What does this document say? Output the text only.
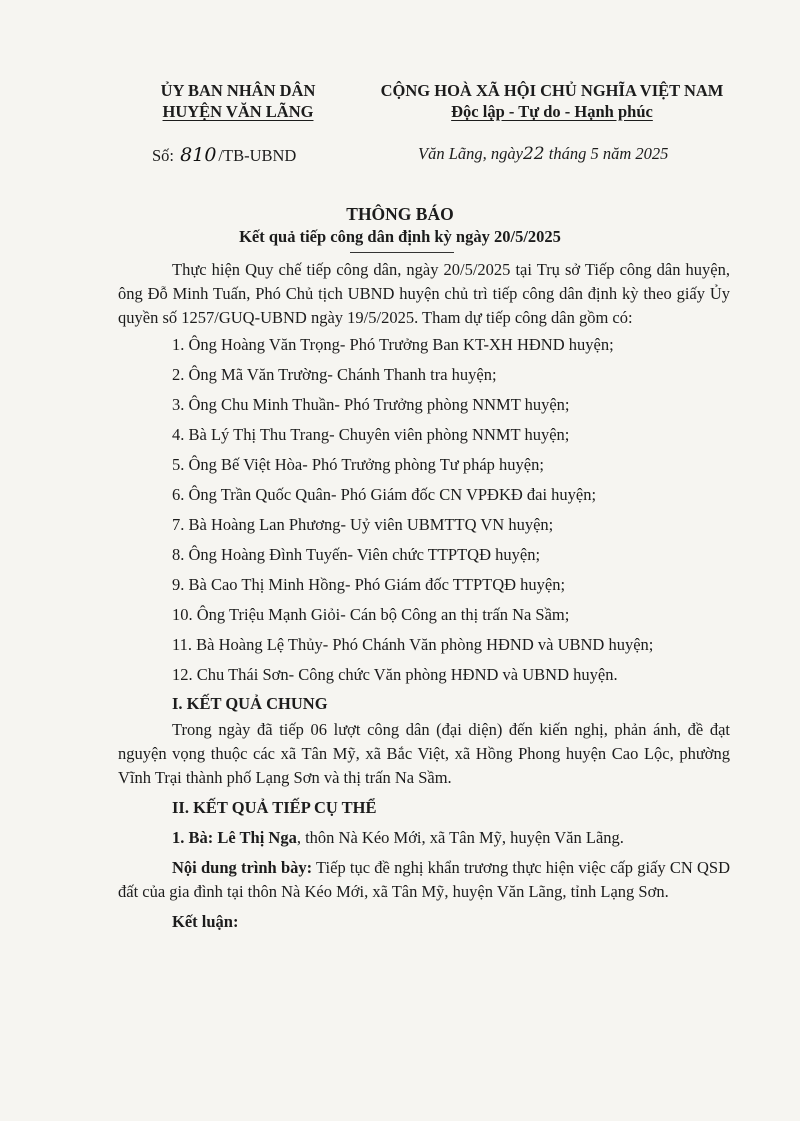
ỦY BAN NHÂN DÂN
HUYỆN VĂN LÃNG
CỘNG HOÀ XÃ HỘI CHỦ NGHĨA VIỆT NAM
Độc lập - Tự do - Hạnh phúc
Số: 810 /TB-UBND	Văn Lãng, ngày22 tháng 5 năm 2025
THÔNG BÁO
Kết quả tiếp công dân định kỳ ngày 20/5/2025

Thực hiện Quy chế tiếp công dân, ngày 20/5/2025 tại Trụ sở Tiếp công dân huyện, ông Đỗ Minh Tuấn, Phó Chủ tịch UBND huyện chủ trì tiếp công dân định kỳ theo giấy Ủy quyền số 1257/GUQ-UBND ngày 19/5/2025. Tham dự tiếp công dân gồm có:

1. Ông Hoàng Văn Trọng- Phó Trưởng Ban KT-XH HĐND huyện;

2. Ông Mã Văn Trường- Chánh Thanh tra huyện;

3. Ông Chu Minh Thuần- Phó Trưởng phòng NNMT huyện;

4. Bà Lý Thị Thu Trang- Chuyên viên phòng NNMT huyện;

5. Ông Bế Việt Hòa- Phó Trưởng phòng Tư pháp huyện;

6. Ông Trần Quốc Quân- Phó Giám đốc CN VPĐKĐ đai huyện;

7. Bà Hoàng Lan Phương- Uỷ viên UBMTTQ VN huyện;

8. Ông Hoàng Đình Tuyến- Viên chức TTPTQĐ huyện;

9. Bà Cao Thị Minh Hồng- Phó Giám đốc TTPTQĐ huyện;

10. Ông Triệu Mạnh Giỏi- Cán bộ Công an thị trấn Na Sầm;

11. Bà Hoàng Lệ Thủy- Phó Chánh Văn phòng HĐND và UBND huyện;

12. Chu Thái Sơn- Công chức Văn phòng HĐND và UBND huyện.

I. KẾT QUẢ CHUNG

Trong ngày đã tiếp 06 lượt công dân (đại diện) đến kiến nghị, phản ánh, đề đạt nguyện vọng thuộc các xã Tân Mỹ, xã Bắc Việt, xã Hồng Phong huyện Cao Lộc, phường Vĩnh Trại thành phố Lạng Sơn và thị trấn Na Sầm.

II. KẾT QUẢ TIẾP CỤ THỂ

1. Bà: Lê Thị Nga, thôn Nà Kéo Mới, xã Tân Mỹ, huyện Văn Lãng.

Nội dung trình bày: Tiếp tục đề nghị khẩn trương thực hiện việc cấp giấy CN QSD đất của gia đình tại thôn Nà Kéo Mới, xã Tân Mỹ, huyện Văn Lãng, tỉnh Lạng Sơn.

Kết luận:
